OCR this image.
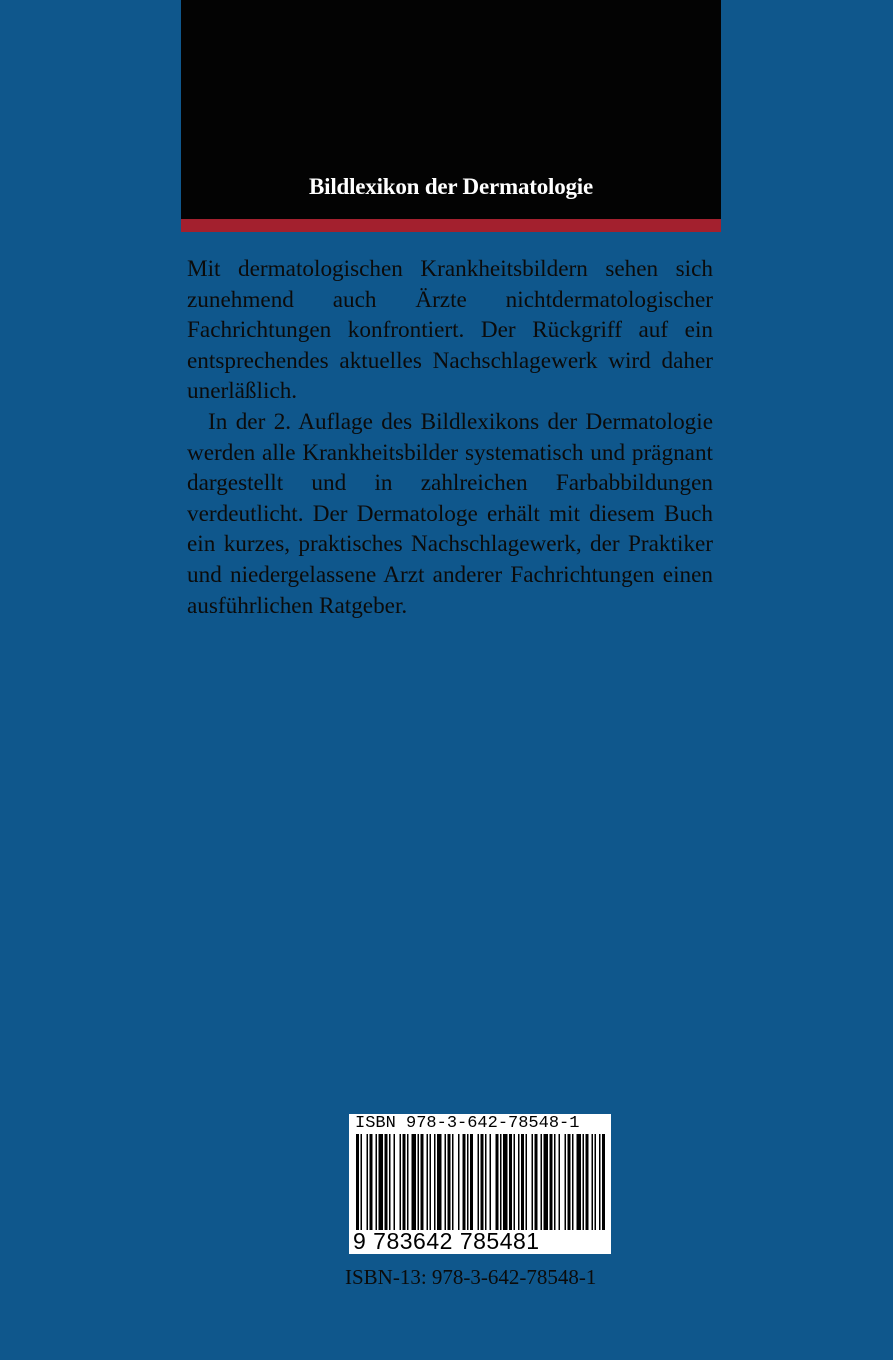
Bildlexikon der Dermatologie

Mit dermatologischen Krankheitsbildern sehen sich zunehmend auch Ärzte nichtdermatologischer Fachrichtungen konfrontiert. Der Rückgriff auf ein entsprechendes aktuelles Nachschlagewerk wird daher unerläßlich.

In der 2. Auflage des Bildlexikons der Dermatologie werden alle Krankheitsbilder systematisch und prägnant dargestellt und in zahlreichen Farbabbildungen verdeutlicht. Der Dermatologe erhält mit diesem Buch ein kurzes, praktisches Nachschlagewerk, der Praktiker und niedergelassene Arzt anderer Fachrichtungen einen ausführlichen Ratgeber.

ISBN 978-3-642-78548-1
9 783642 785481
ISBN-13: 978-3-642-78548-1
